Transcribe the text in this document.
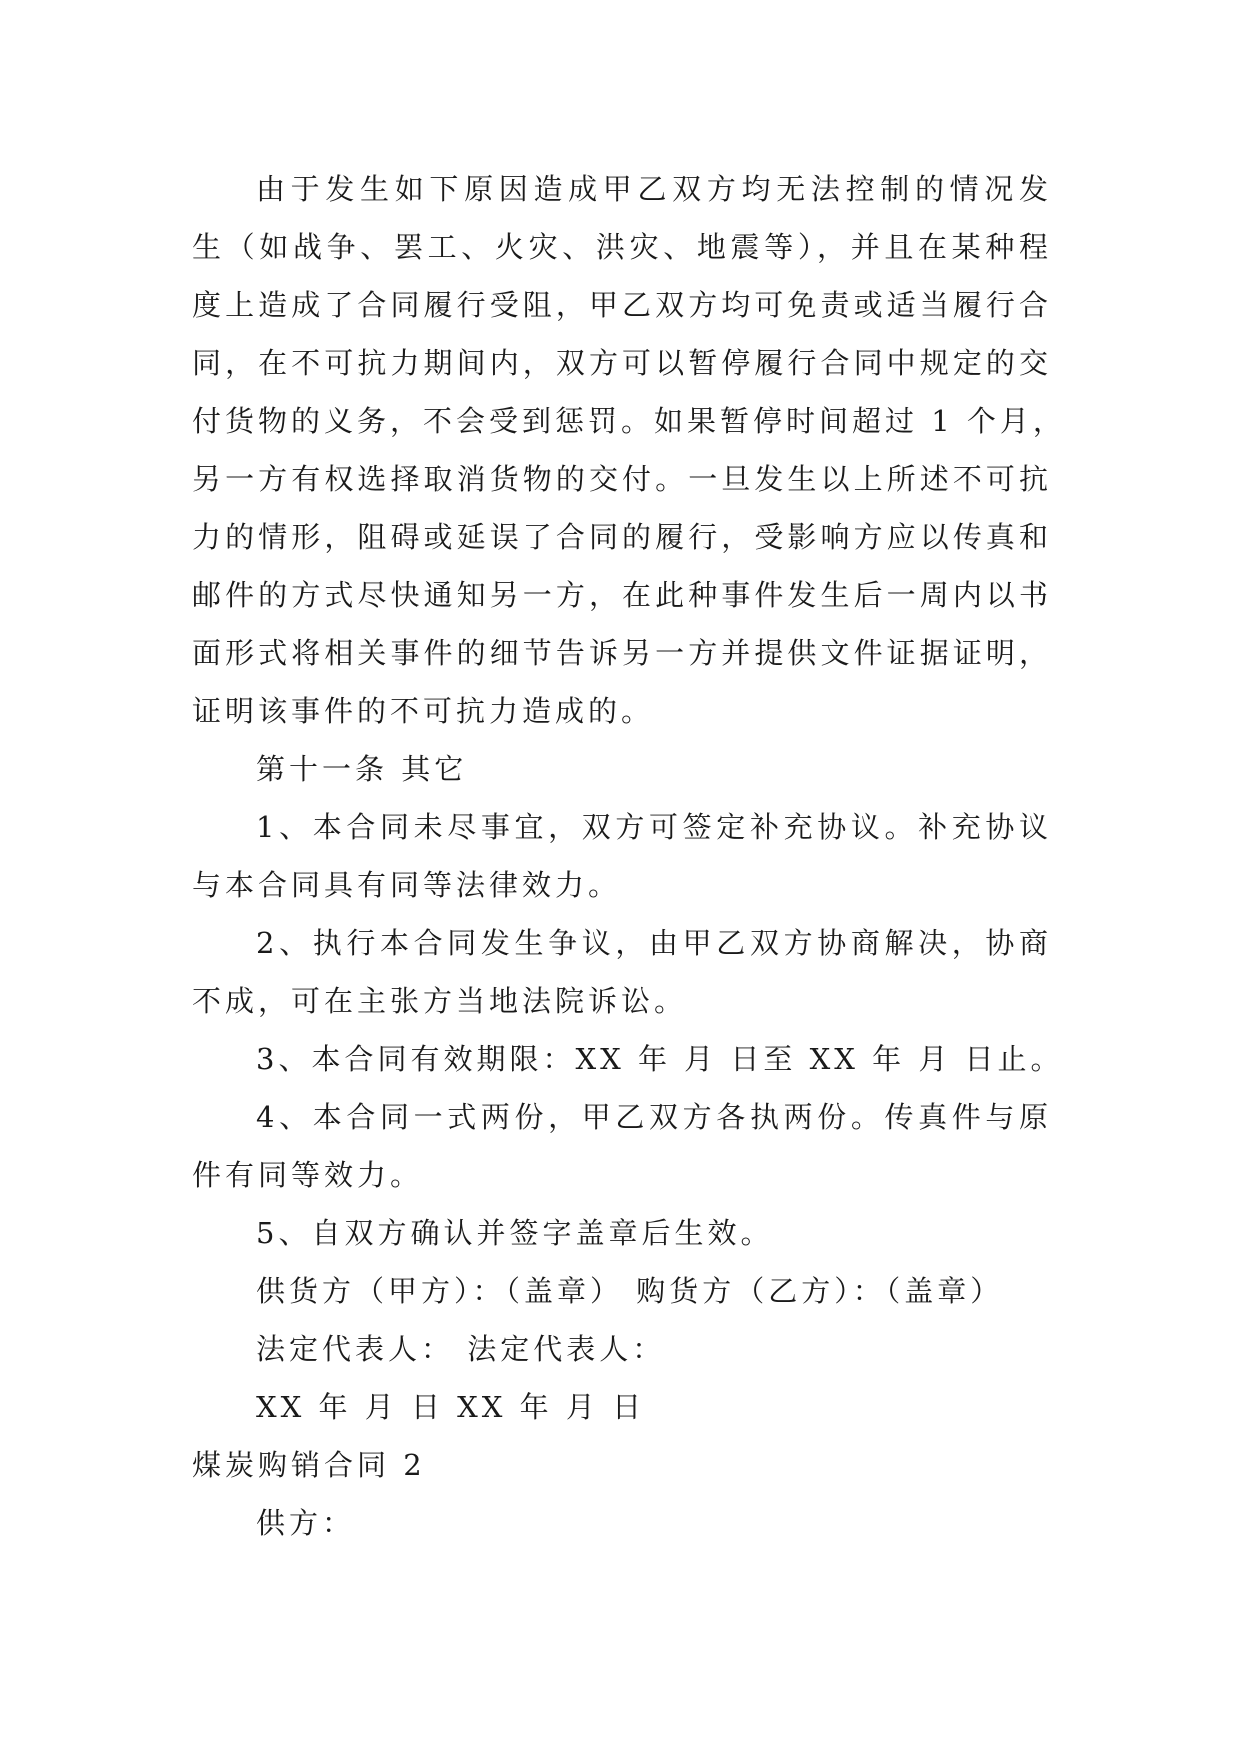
由于发生如下原因造成甲乙双方均无法控制的情况发
生（如战争、罢工、火灾、洪灾、地震等），并且在某种程
度上造成了合同履行受阻，甲乙双方均可免责或适当履行合
同，在不可抗力期间内，双方可以暂停履行合同中规定的交
付货物的义务，不会受到惩罚。如果暂停时间超过 1 个月，
另一方有权选择取消货物的交付。一旦发生以上所述不可抗
力的情形，阻碍或延误了合同的履行，受影响方应以传真和
邮件的方式尽快通知另一方，在此种事件发生后一周内以书
面形式将相关事件的细节告诉另一方并提供文件证据证明，
证明该事件的不可抗力造成的。
第十一条 其它
1、本合同未尽事宜，双方可签定补充协议。补充协议
与本合同具有同等法律效力。
2、执行本合同发生争议，由甲乙双方协商解决，协商
不成，可在主张方当地法院诉讼。
3、本合同有效期限：XX 年 月 日至 XX 年 月 日止。
4、本合同一式两份，甲乙双方各执两份。传真件与原
件有同等效力。
5、自双方确认并签字盖章后生效。
供货方（甲方）：（盖章） 购货方（乙方）：（盖章）
法定代表人： 法定代表人：
XX 年 月 日 XX 年 月 日
煤炭购销合同 2
供方：
